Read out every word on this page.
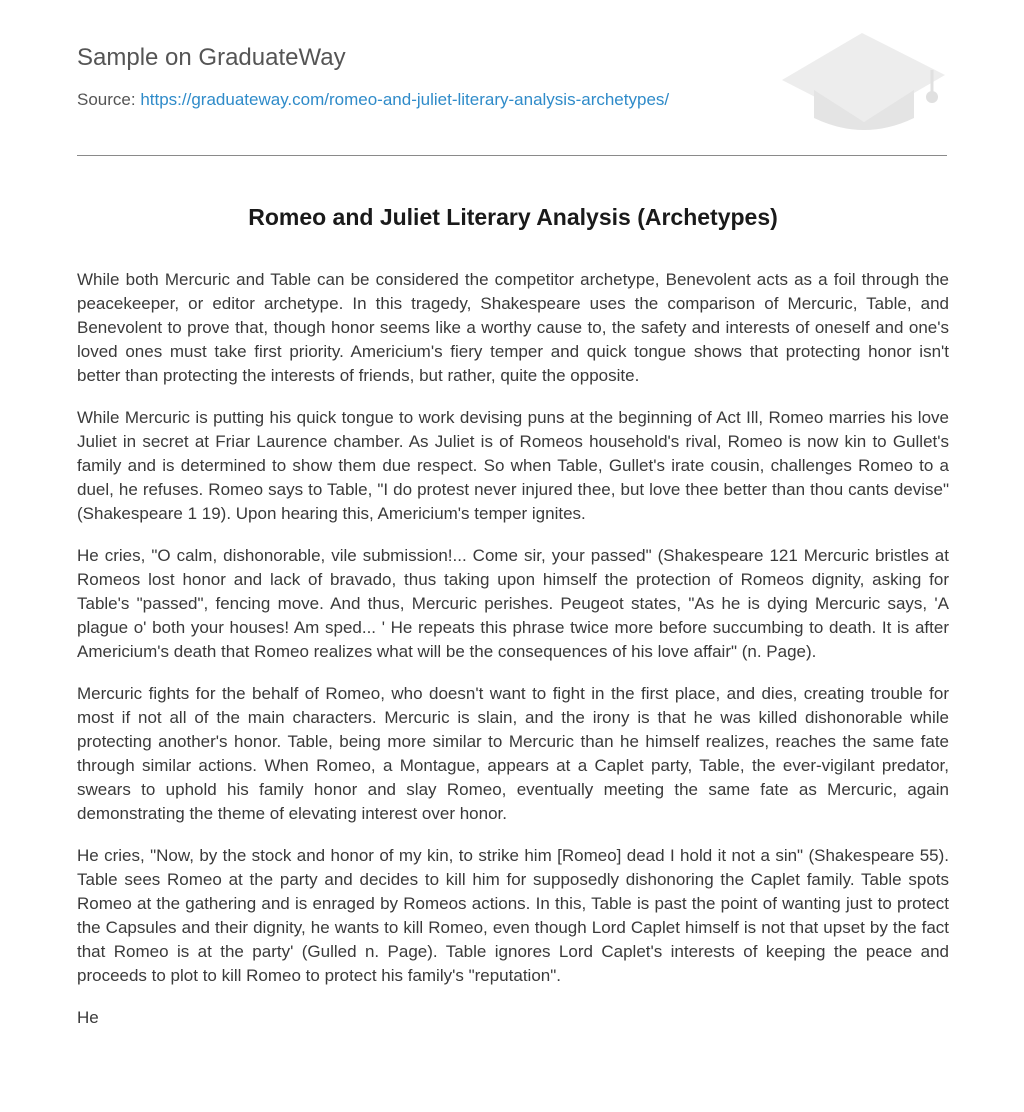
Sample on GraduateWay
Source: https://graduateway.com/romeo-and-juliet-literary-analysis-archetypes/
Romeo and Juliet Literary Analysis (Archetypes)

While both Mercuric and Table can be considered the competitor archetype, Benevolent acts as a foil through the peacekeeper, or editor archetype. In this tragedy, Shakespeare uses the comparison of Mercuric, Table, and Benevolent to prove that, though honor seems like a worthy cause to, the safety and interests of oneself and one's loved ones must take first priority. Americium's fiery temper and quick tongue shows that protecting honor isn't better than protecting the interests of friends, but rather, quite the opposite.

While Mercuric is putting his quick tongue to work devising puns at the beginning of Act Ill, Romeo marries his love Juliet in secret at Friar Laurence chamber. As Juliet is of Romeos household's rival, Romeo is now kin to Gullet's family and is determined to show them due respect. So when Table, Gullet's irate cousin, challenges Romeo to a duel, he refuses. Romeo says to Table, "I do protest never injured thee, but love thee better than thou cants devise" (Shakespeare 1 19). Upon hearing this, Americium's temper ignites.

He cries, "O calm, dishonorable, vile submission!... Come sir, your passed" (Shakespeare 121 Mercuric bristles at Romeos lost honor and lack of bravado, thus taking upon himself the protection of Romeos dignity, asking for Table's "passed", fencing move. And thus, Mercuric perishes. Peugeot states, "As he is dying Mercuric says, 'A plague o' both your houses! Am sped... ' He repeats this phrase twice more before succumbing to death. It is after Americium's death that Romeo realizes what will be the consequences of his love affair" (n. Page).

Mercuric fights for the behalf of Romeo, who doesn't want to fight in the first place, and dies, creating trouble for most if not all of the main characters. Mercuric is slain, and the irony is that he was killed dishonorable while protecting another's honor. Table, being more similar to Mercuric than he himself realizes, reaches the same fate through similar actions. When Romeo, a Montague, appears at a Caplet party, Table, the ever-vigilant predator, swears to uphold his family honor and slay Romeo, eventually meeting the same fate as Mercuric, again demonstrating the theme of elevating interest over honor.

He cries, "Now, by the stock and honor of my kin, to strike him [Romeo] dead I hold it not a sin" (Shakespeare 55). Table sees Romeo at the party and decides to kill him for supposedly dishonoring the Caplet family. Table spots Romeo at the gathering and is enraged by Romeos actions. In this, Table is past the point of wanting just to protect the Capsules and their dignity, he wants to kill Romeo, even though Lord Caplet himself is not that upset by the fact that Romeo is at the party' (Gulled n. Page). Table ignores Lord Caplet's interests of keeping the peace and proceeds to plot to kill Romeo to protect his family's "reputation".

He
